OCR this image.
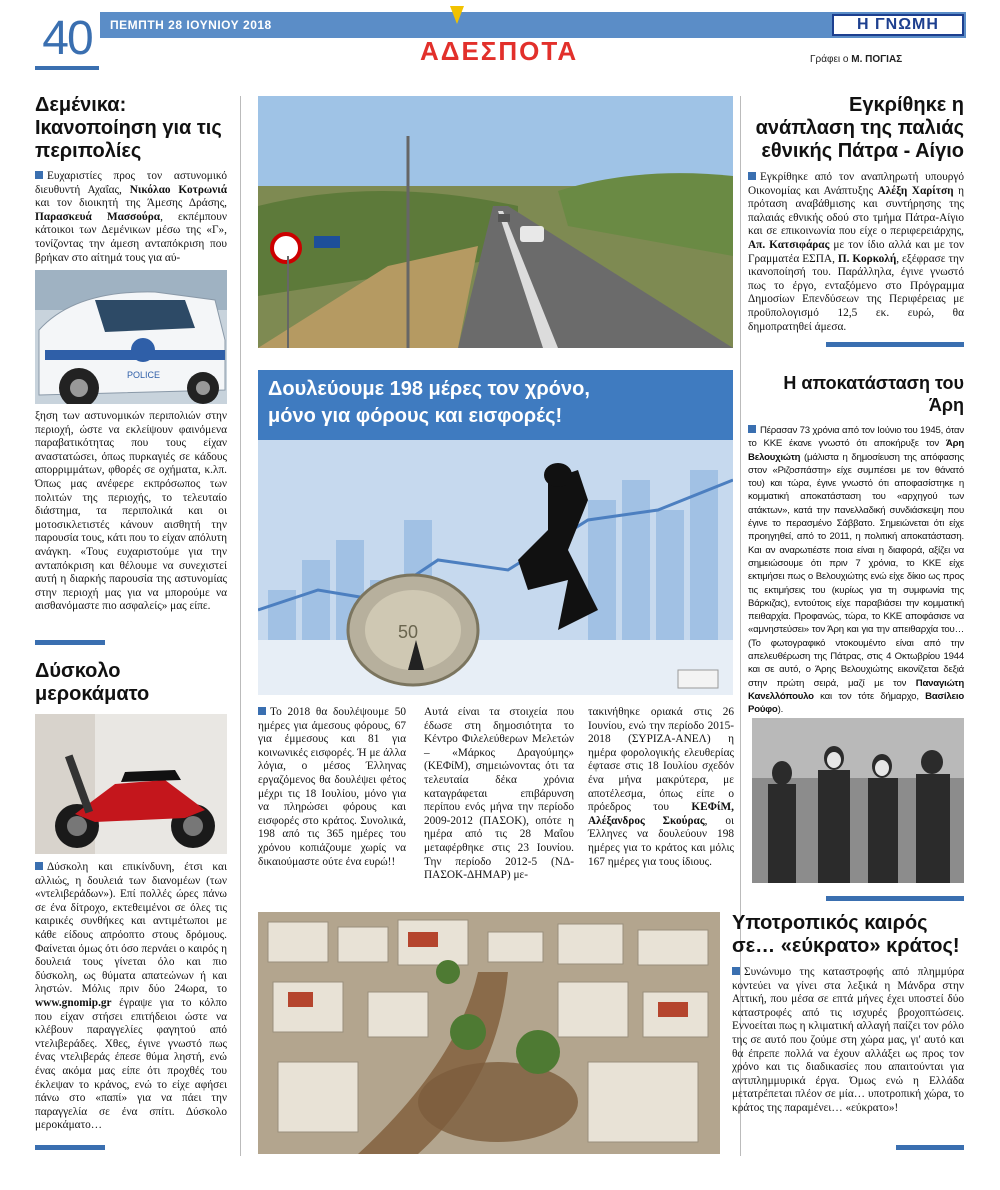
40	ΠΕΜΠΤΗ 28 ΙΟΥΝΙΟΥ 2018
ΑΔΕΣΠΟΤΑ
Η ΓΝΩΜΗ
Γράφει ο Μ. ΠΟΓΙΑΣ
Δεμένικα: Ικανοποίηση για τις περιπολίες

Ευχαριστίες προς τον αστυνομικό διευθυντή Αχαΐας, Νικόλαο Κοτρωνιά και τον διοικητή της Άμεσης Δράσης, Παρασκευά Μασσούρα, εκπέμπουν κάτοικοι των Δεμένικων μέσω της «Γ», τονίζοντας την άμεση ανταπόκριση που βρήκαν στο αίτημά τους για αύ-

POLICE

ξηση των αστυνομικών περιπολιών στην περιοχή, ώστε να εκλείψουν φαινόμενα παραβατικότητας που τους είχαν αναστατώσει, όπως πυρκαγιές σε κάδους απορριμμάτων, φθορές σε οχήματα, κ.λπ. Όπως μας ανέφερε εκπρόσωπος των πολιτών της περιοχής, το τελευταίο διάστημα, τα περιπολικά και οι μοτοσικλετιστές κάνουν αισθητή την παρουσία τους, κάτι που το είχαν απόλυτη ανάγκη. «Τους ευχαριστούμε για την ανταπόκριση και θέλουμε να συνεχιστεί αυτή η διαρκής παρουσία της αστυνομίας στην περιοχή μας για να μπορούμε να αισθανόμαστε πιο ασφαλείς» μας είπε.

Δύσκολο μεροκάματο

Δύσκολη και επικίνδυνη, έτσι και αλλιώς, η δουλειά των διανομέων (των «ντελιβεράδων»). Επί πολλές ώρες πάνω σε ένα δίτροχο, εκτεθειμένοι σε όλες τις καιρικές συνθήκες και αντιμέτωποι με κάθε είδους απρόοπτο στους δρόμους. Φαίνεται όμως ότι όσο περνάει ο καιρός η δουλειά τους γίνεται όλο και πιο δύσκολη, ως θύματα απατεώνων ή και ληστών. Μόλις πριν δύο 24ωρα, το www.gnomip.gr έγραψε για το κόλπο που είχαν στήσει επιτήδειοι ώστε να κλέβουν παραγγελίες φαγητού από ντελιβεράδες. Χθες, έγινε γνωστό πως ένας ντελιβεράς έπεσε θύμα ληστή, ενώ ένας ακόμα μας είπε ότι προχθές του έκλεψαν το κράνος, ενώ το είχε αφήσει πάνω στο «παπί» για να πάει την παραγγελία σε ένα σπίτι. Δύσκολο μεροκάματο…

Δουλεύουμε 198 μέρες τον χρόνο,
μόνο για φόρους και εισφορές!
50

Το 2018 θα δουλέψουμε 50 ημέρες για άμεσους φόρους, 67 για έμμεσους και 81 για κοινωνικές εισφορές. Ή με άλλα λόγια, ο μέσος Έλληνας εργαζόμενος θα δουλέψει φέτος μέχρι τις 18 Ιουλίου, μόνο για να πληρώσει φόρους και εισφορές στο κράτος. Συνολικά, 198 από τις 365 ημέρες του χρόνου κοπιάζουμε χωρίς να δικαιούμαστε ούτε ένα ευρώ!!

Αυτά είναι τα στοιχεία που έδωσε στη δημοσιότητα το Κέντρο Φιλελεύθερων Μελετών – «Μάρκος Δραγούμης» (ΚΕΦίΜ), σημειώνοντας ότι τα τελευταία δέκα χρόνια καταγράφεται επιβάρυνση περίπου ενός μήνα την περίοδο 2009-2012 (ΠΑΣΟΚ), οπότε η ημέρα από τις 28 Μαΐου μεταφέρθηκε στις 23 Ιουνίου. Την περίοδο 2012-5 (ΝΔ-ΠΑΣΟΚ-ΔΗΜΑΡ) με-

τακινήθηκε οριακά στις 26 Ιουνίου, ενώ την περίοδο 2015-2018 (ΣΥΡΙΖΑ-ΑΝΕΛ) η ημέρα φορολογικής ελευθερίας έφτασε στις 18 Ιουλίου σχεδόν ένα μήνα μακρύτερα, με αποτέλεσμα, όπως είπε ο πρόεδρος του ΚΕΦίΜ, Αλέξανδρος Σκούρας, οι Έλληνες να δουλεύουν 198 ημέρες για το κράτος και μόλις 167 ημέρες για τους ίδιους.

Εγκρίθηκε η ανάπλαση της παλιάς εθνικής Πάτρα - Αίγιο

Εγκρίθηκε από τον αναπληρωτή υπουργό Οικονομίας και Ανάπτυξης Αλέξη Χαρίτση η πρόταση αναβάθμισης και συντήρησης της παλαιάς εθνικής οδού στο τμήμα Πάτρα-Αίγιο και σε επικοινωνία που είχε ο περιφερειάρχης, Απ. Κατσιφάρας με τον ίδιο αλλά και με τον Γραμματέα ΕΣΠΑ, Π. Κορκολή, εξέφρασε την ικανοποίησή του. Παράλληλα, έγινε γνωστό πως το έργο, ενταξόμενο στο Πρόγραμμα Δημοσίων Επενδύσεων της Περιφέρειας με προϋπολογισμό 12,5 εκ. ευρώ, θα δημοπρατηθεί άμεσα.

Η αποκατάσταση του Άρη

Πέρασαν 73 χρόνια από τον Ιούνιο του 1945, όταν το ΚΚΕ έκανε γνωστό ότι αποκήρυξε τον Άρη Βελουχιώτη (μάλιστα η δημοσίευση της απόφασης στον «Ριζοσπάστη» είχε συμπέσει με τον θάνατό του) και τώρα, έγινε γνωστό ότι αποφασίστηκε η κομματική αποκατάσταση του «αρχηγού των ατάκτων», κατά την πανελλαδική συνδιάσκεψη που έγινε το περασμένο Σάββατο. Σημειώνεται ότι είχε προηγηθεί, από το 2011, η πολιτική αποκατάσταση. Και αν αναρωτιέστε ποια είναι η διαφορά, αξίζει να σημειώσουμε ότι πριν 7 χρόνια, το ΚΚΕ είχε εκτιμήσει πως ο Βελουχιώτης ενώ είχε δίκιο ως προς τις εκτιμήσεις του (κυρίως για τη συμφωνία της Βάρκιζας), εντούτοις είχε παραβιάσει την κομματική πειθαρχία. Προφανώς, τώρα, το ΚΚΕ αποφάσισε να «αμνηστεύσει» τον Άρη και για την απειθαρχία του… (Το φωτογραφικό ντοκουμέντο είναι από την απελευθέρωση της Πάτρας, στις 4 Οκτωβρίου 1944 και σε αυτό, ο Άρης Βελουχιώτης εικονίζεται δεξιά στην πρώτη σειρά, μαζί με τον Παναγιώτη Κανελλόπουλο και τον τότε δήμαρχο, Βασίλειο Ρούφο).

Υποτροπικός καιρός σε… «εύκρατο» κράτος!

Συνώνυμο της καταστροφής από πλημμύρα κοντεύει να γίνει στα λεξικά η Μάνδρα στην Αττική, που μέσα σε επτά μήνες έχει υποστεί δύο καταστροφές από τις ισχυρές βροχοπτώσεις. Εννοείται πως η κλιματική αλλαγή παίζει τον ρόλο της σε αυτό που ζούμε στη χώρα μας, γι' αυτό και θα έπρεπε πολλά να έχουν αλλάξει ως προς τον χρόνο και τις διαδικασίες που απαιτούνται για αντιπλημμυρικά έργα. Όμως ενώ η Ελλάδα μετατρέπεται πλέον σε μία… υποτροπική χώρα, το κράτος της παραμένει… «εύκρατο»!
